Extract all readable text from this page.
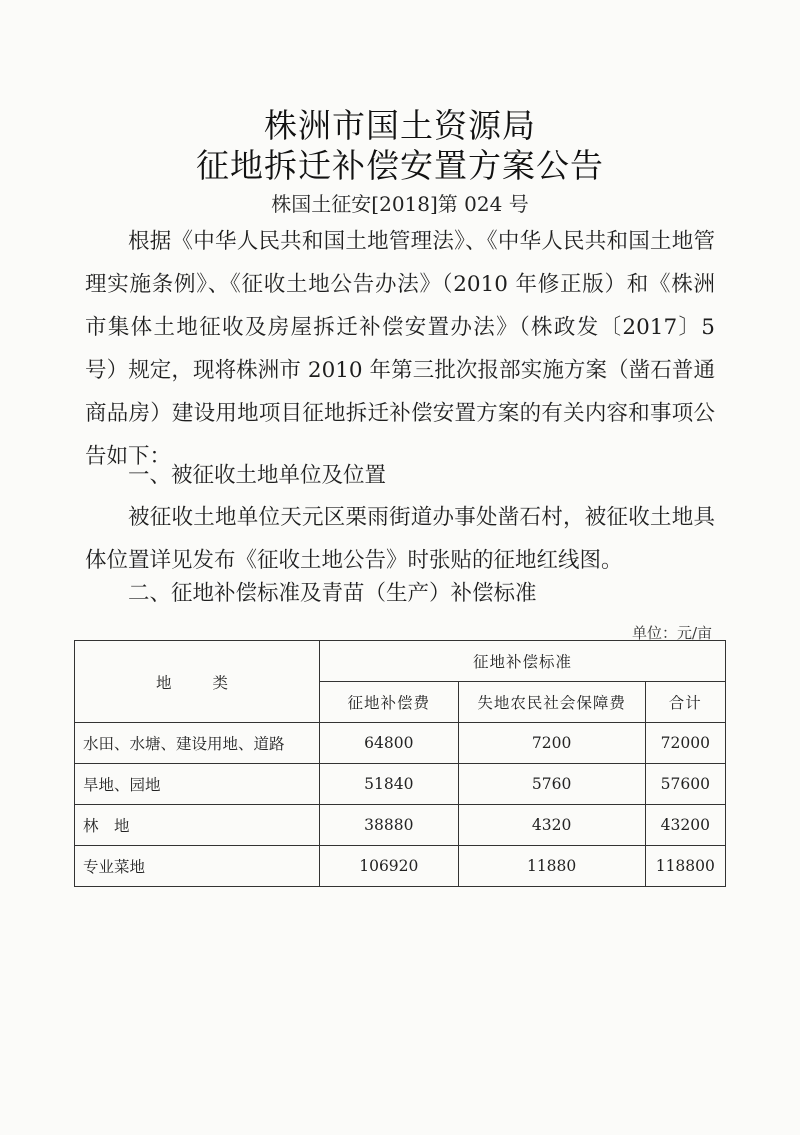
株洲市国土资源局
征地拆迁补偿安置方案公告
株国土征安[2018]第 024 号
根据《中华人民共和国土地管理法》、《中华人民共和国土地管理实施条例》、《征收土地公告办法》（2010 年修正版）和《株洲市集体土地征收及房屋拆迁补偿安置办法》（株政发〔2017〕5 号）规定，现将株洲市 2010 年第三批次报部实施方案（凿石普通商品房）建设用地项目征地拆迁补偿安置方案的有关内容和事项公告如下：
一、被征收土地单位及位置
被征收土地单位天元区栗雨街道办事处凿石村，被征收土地具体位置详见发布《征收土地公告》时张贴的征地红线图。
二、征地补偿标准及青苗（生产）补偿标准
单位：元/亩
地 类	征地补偿标准		
	征地补偿费	失地农民社会保障费	合计
水田、水塘、建设用地、道路	64800	7200	72000
旱地、园地	51840	5760	57600
林　地	38880	4320	43200
专业菜地	106920	11880	118800
